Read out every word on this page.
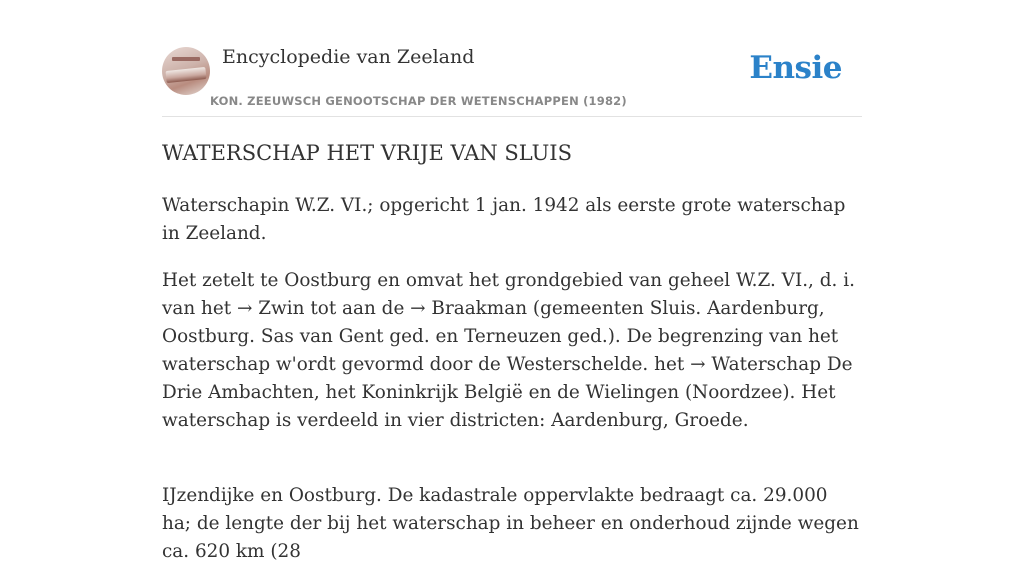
Encyclopedie van Zeeland
KON. ZEEUWSCH GENOOTSCHAP DER WETENSCHAPPEN (1982)
Ensie
WATERSCHAP HET VRIJE VAN SLUIS

Waterschapin W.Z. VI.; opgericht 1 jan. 1942 als eerste grote waterschap in Zeeland.

Het zetelt te Oostburg en omvat het grondgebied van geheel W.Z. VI., d. i. van het → Zwin tot aan de → Braakman (gemeenten Sluis. Aardenburg, Oostburg. Sas van Gent ged. en Terneuzen ged.). De begrenzing van het waterschap w'ordt gevormd door de Westerschelde. het → Waterschap De Drie Ambachten, het Koninkrijk België en de Wielingen (Noordzee). Het waterschap is verdeeld in vier districten: Aardenburg, Groede.

IJzendijke en Oostburg. De kadastrale oppervlakte bedraagt ca. 29.000 ha; de lengte der bij het waterschap in beheer en onderhoud zijnde wegen ca. 620 km (28
